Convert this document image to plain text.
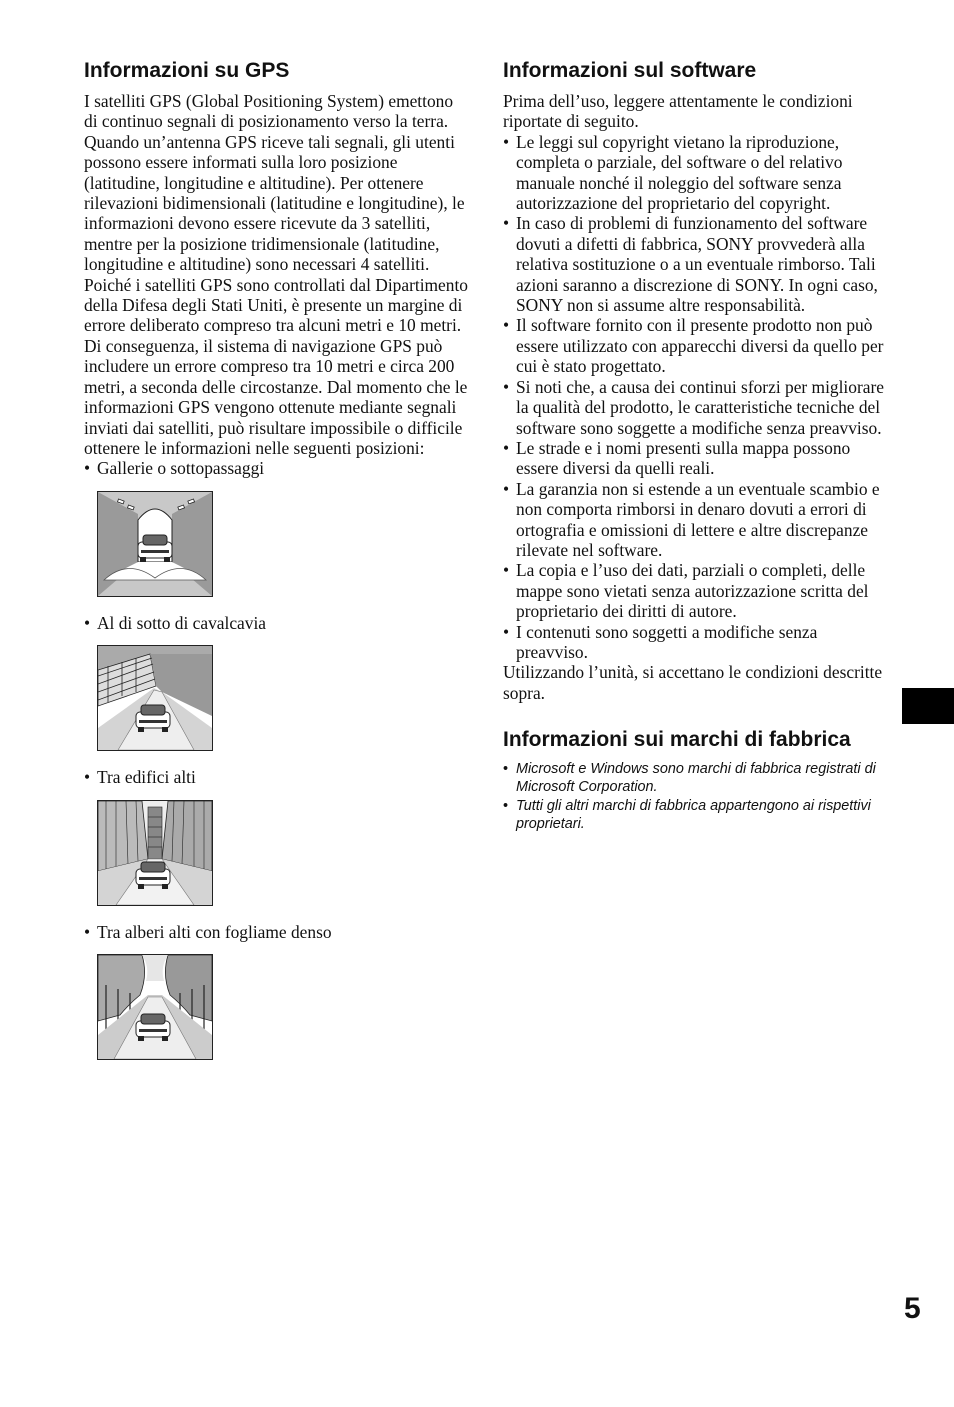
Informazioni su GPS

I satelliti GPS (Global Positioning System) emettono di continuo segnali di posizionamento verso la terra. Quando un’antenna GPS riceve tali segnali, gli utenti possono essere informati sulla loro posizione (latitudine, longitudine e altitudine). Per ottenere rilevazioni bidimensionali (latitudine e longitudine), le informazioni devono essere ricevute da 3 satelliti, mentre per la posizione tridimensionale (latitudine, longitudine e altitudine) sono necessari 4 satelliti. Poiché i satelliti GPS sono controllati dal Dipartimento della Difesa degli Stati Uniti, è presente un margine di errore deliberato compreso tra alcuni metri e 10 metri. Di conseguenza, il sistema di navigazione GPS può includere un errore compreso tra 10 metri e circa 200 metri, a seconda delle circostanze. Dal momento che le informazioni GPS vengono ottenute mediante segnali inviati dai satelliti, può risultare impossibile o difficile ottenere le informazioni nelle seguenti posizioni:

• Gallerie o sottopassaggi
• Al di sotto di cavalcavia
• Tra edifici alti
• Tra alberi alti con fogliame denso
Informazioni sul software

Prima dell’uso, leggere attentamente le condizioni riportate di seguito.

• Le leggi sul copyright vietano la riproduzione, completa o parziale, del software o del relativo manuale nonché il noleggio del software senza autorizzazione del proprietario del copyright.
• In caso di problemi di funzionamento del software dovuti a difetti di fabbrica, SONY provvederà alla relativa sostituzione o a un eventuale rimborso. Tali azioni saranno a discrezione di SONY. In ogni caso, SONY non si assume altre responsabilità.
• Il software fornito con il presente prodotto non può essere utilizzato con apparecchi diversi da quello per cui è stato progettato.
• Si noti che, a causa dei continui sforzi per migliorare la qualità del prodotto, le caratteristiche tecniche del software sono soggette a modifiche senza preavviso.
• Le strade e i nomi presenti sulla mappa possono essere diversi da quelli reali.
• La garanzia non si estende a un eventuale scambio e non comporta rimborsi in denaro dovuti a errori di ortografia e omissioni di lettere e altre discrepanze rilevate nel software.
• La copia e l’uso dei dati, parziali o completi, delle mappe sono vietati senza autorizzazione scritta del proprietario dei diritti di autore.
• I contenuti sono soggetti a modifiche senza preavviso.

Utilizzando l’unità, si accettano le condizioni descritte sopra.

Informazioni sui marchi di fabbrica
• Microsoft e Windows sono marchi di fabbrica registrati di Microsoft Corporation.
• Tutti gli altri marchi di fabbrica appartengono ai rispettivi proprietari.
5
